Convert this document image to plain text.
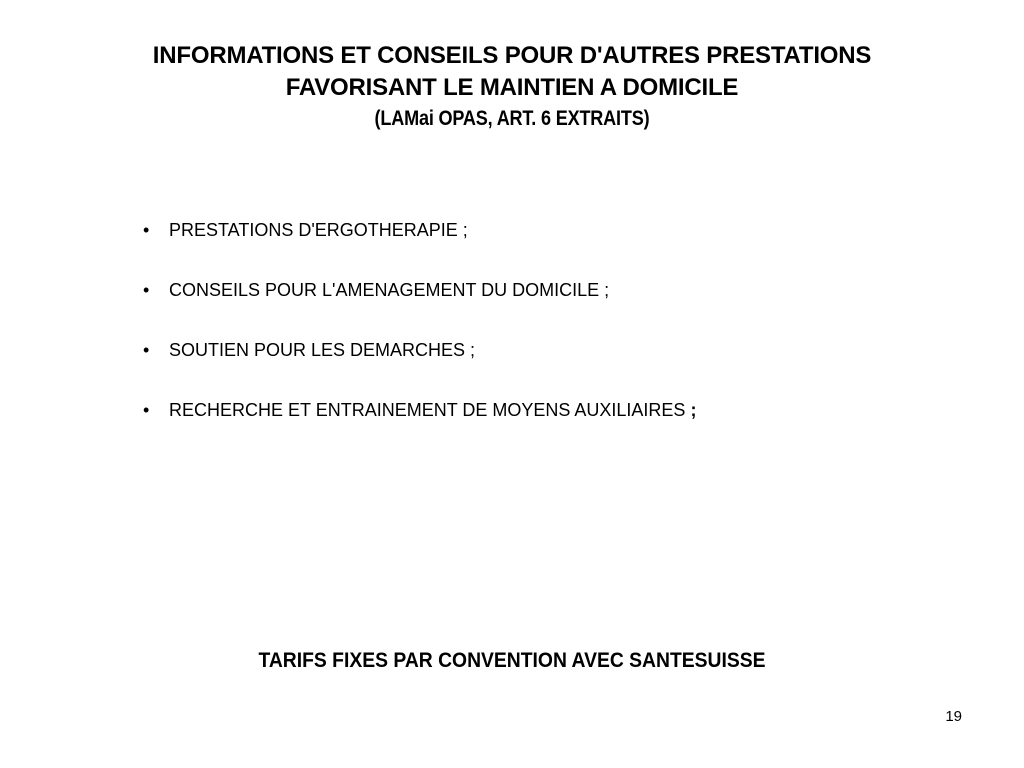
INFORMATIONS ET CONSEILS POUR D'AUTRES PRESTATIONS
FAVORISANT LE MAINTIEN A DOMICILE
(LAMai OPAS, ART. 6 EXTRAITS)
•	PRESTATIONS D'ERGOTHERAPIE ;
•	CONSEILS POUR L'AMENAGEMENT DU DOMICILE ;
•	SOUTIEN POUR LES DEMARCHES ;
•	RECHERCHE ET ENTRAINEMENT DE MOYENS AUXILIAIRES ;
TARIFS FIXES PAR CONVENTION AVEC SANTESUISSE
19
